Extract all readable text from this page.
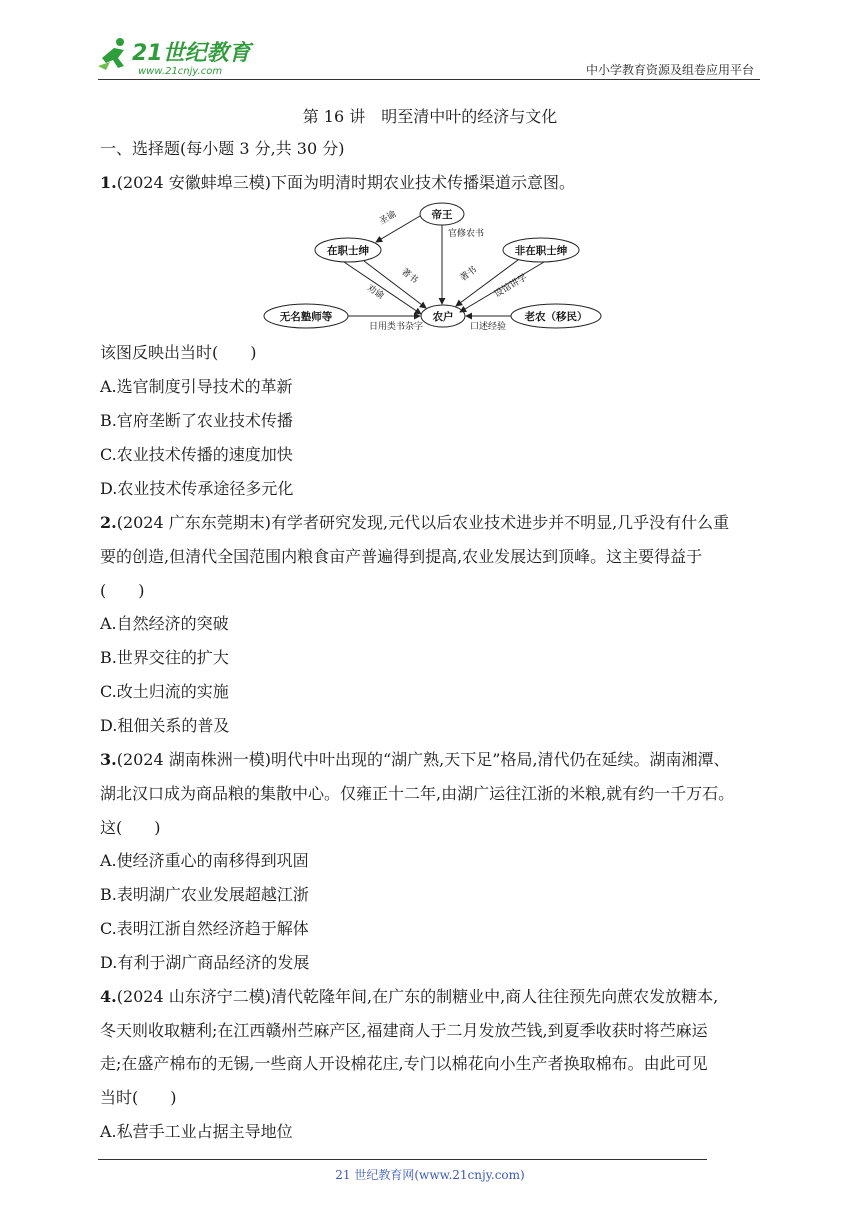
21世纪教育
www.21cnjy.com	中小学教育资源及组卷应用平台
第 16 讲　明至清中叶的经济与文化
一、选择题(每小题 3 分,共 30 分)
1.(2024 安徽蚌埠三模)下面为明清时期农业技术传播渠道示意图。
帝王
在职士绅	非在职士绅
无名塾师等	农户	老农（移民）
圣谕
官修农书
著书
劝谕
著书 设馆讲学
日用类书杂字	口述经验
该图反映出当时(　　)
A.选官制度引导技术的革新
B.官府垄断了农业技术传播
C.农业技术传播的速度加快
D.农业技术传承途径多元化
2.(2024 广东东莞期末)有学者研究发现,元代以后农业技术进步并不明显,几乎没有什么重
要的创造,但清代全国范围内粮食亩产普遍得到提高,农业发展达到顶峰。这主要得益于
(　　)
A.自然经济的突破
B.世界交往的扩大
C.改土归流的实施
D.租佃关系的普及
3.(2024 湖南株洲一模)明代中叶出现的“湖广熟,天下足”格局,清代仍在延续。湖南湘潭、
湖北汉口成为商品粮的集散中心。仅雍正十二年,由湖广运往江浙的米粮,就有约一千万石。
这(　　)
A.使经济重心的南移得到巩固
B.表明湖广农业发展超越江浙
C.表明江浙自然经济趋于解体
D.有利于湖广商品经济的发展
4.(2024 山东济宁二模)清代乾隆年间,在广东的制糖业中,商人往往预先向蔗农发放糖本,
冬天则收取糖利;在江西赣州苎麻产区,福建商人于二月发放苎钱,到夏季收获时将苎麻运
走;在盛产棉布的无锡,一些商人开设棉花庄,专门以棉花向小生产者换取棉布。由此可见
当时(　　)
A.私营手工业占据主导地位
21 世纪教育网(www.21cnjy.com)
